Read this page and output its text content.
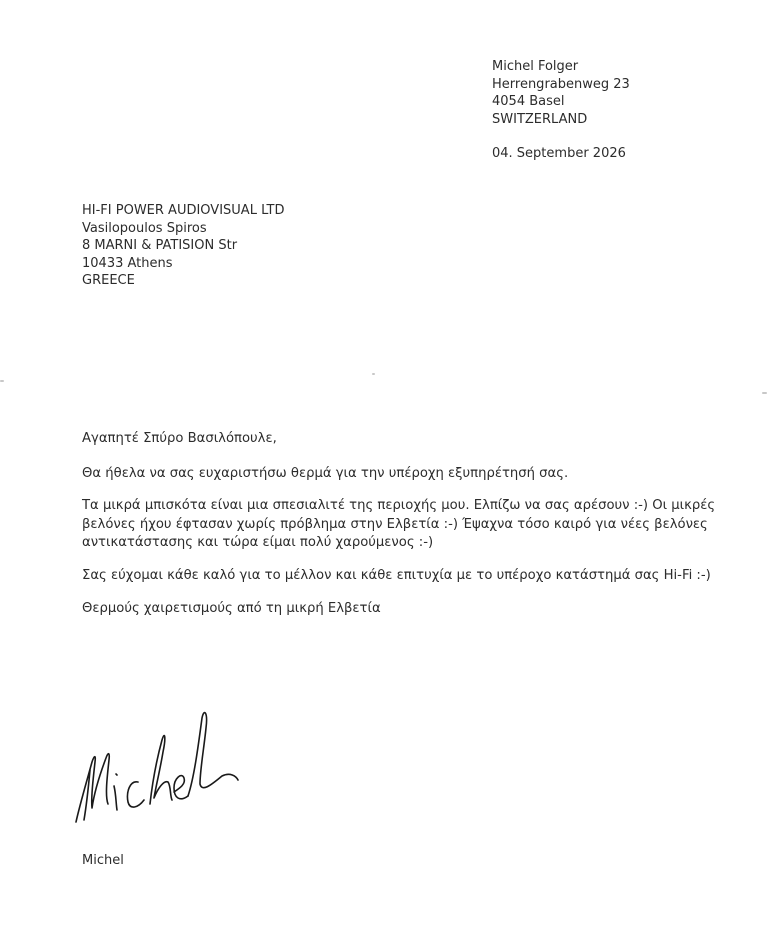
Michel Folger
Herrengrabenweg 23
4054 Basel
SWITZERLAND
04. September 2026
HI-FI POWER AUDIOVISUAL LTD
Vasilopoulos Spiros
8 MARNI & PATISION Str
10433 Athens
GREECE

Αγαπητέ Σπύρο Βασιλόπουλε,

Θα ήθελα να σας ευχαριστήσω θερμά για την υπέροχη εξυπηρέτησή σας.

Τα μικρά μπισκότα είναι μια σπεσιαλιτέ της περιοχής μου. Ελπίζω να σας αρέσουν :-) Οι μικρές βελόνες ήχου έφτασαν χωρίς πρόβλημα στην Ελβετία :-) Έψαχνα τόσο καιρό για νέες βελόνες αντικατάστασης και τώρα είμαι πολύ χαρούμενος :-)

Σας εύχομαι κάθε καλό για το μέλλον και κάθε επιτυχία με το υπέροχο κατάστημά σας Hi-Fi :-)

Θερμούς χαιρετισμούς από τη μικρή Ελβετία

Michel
